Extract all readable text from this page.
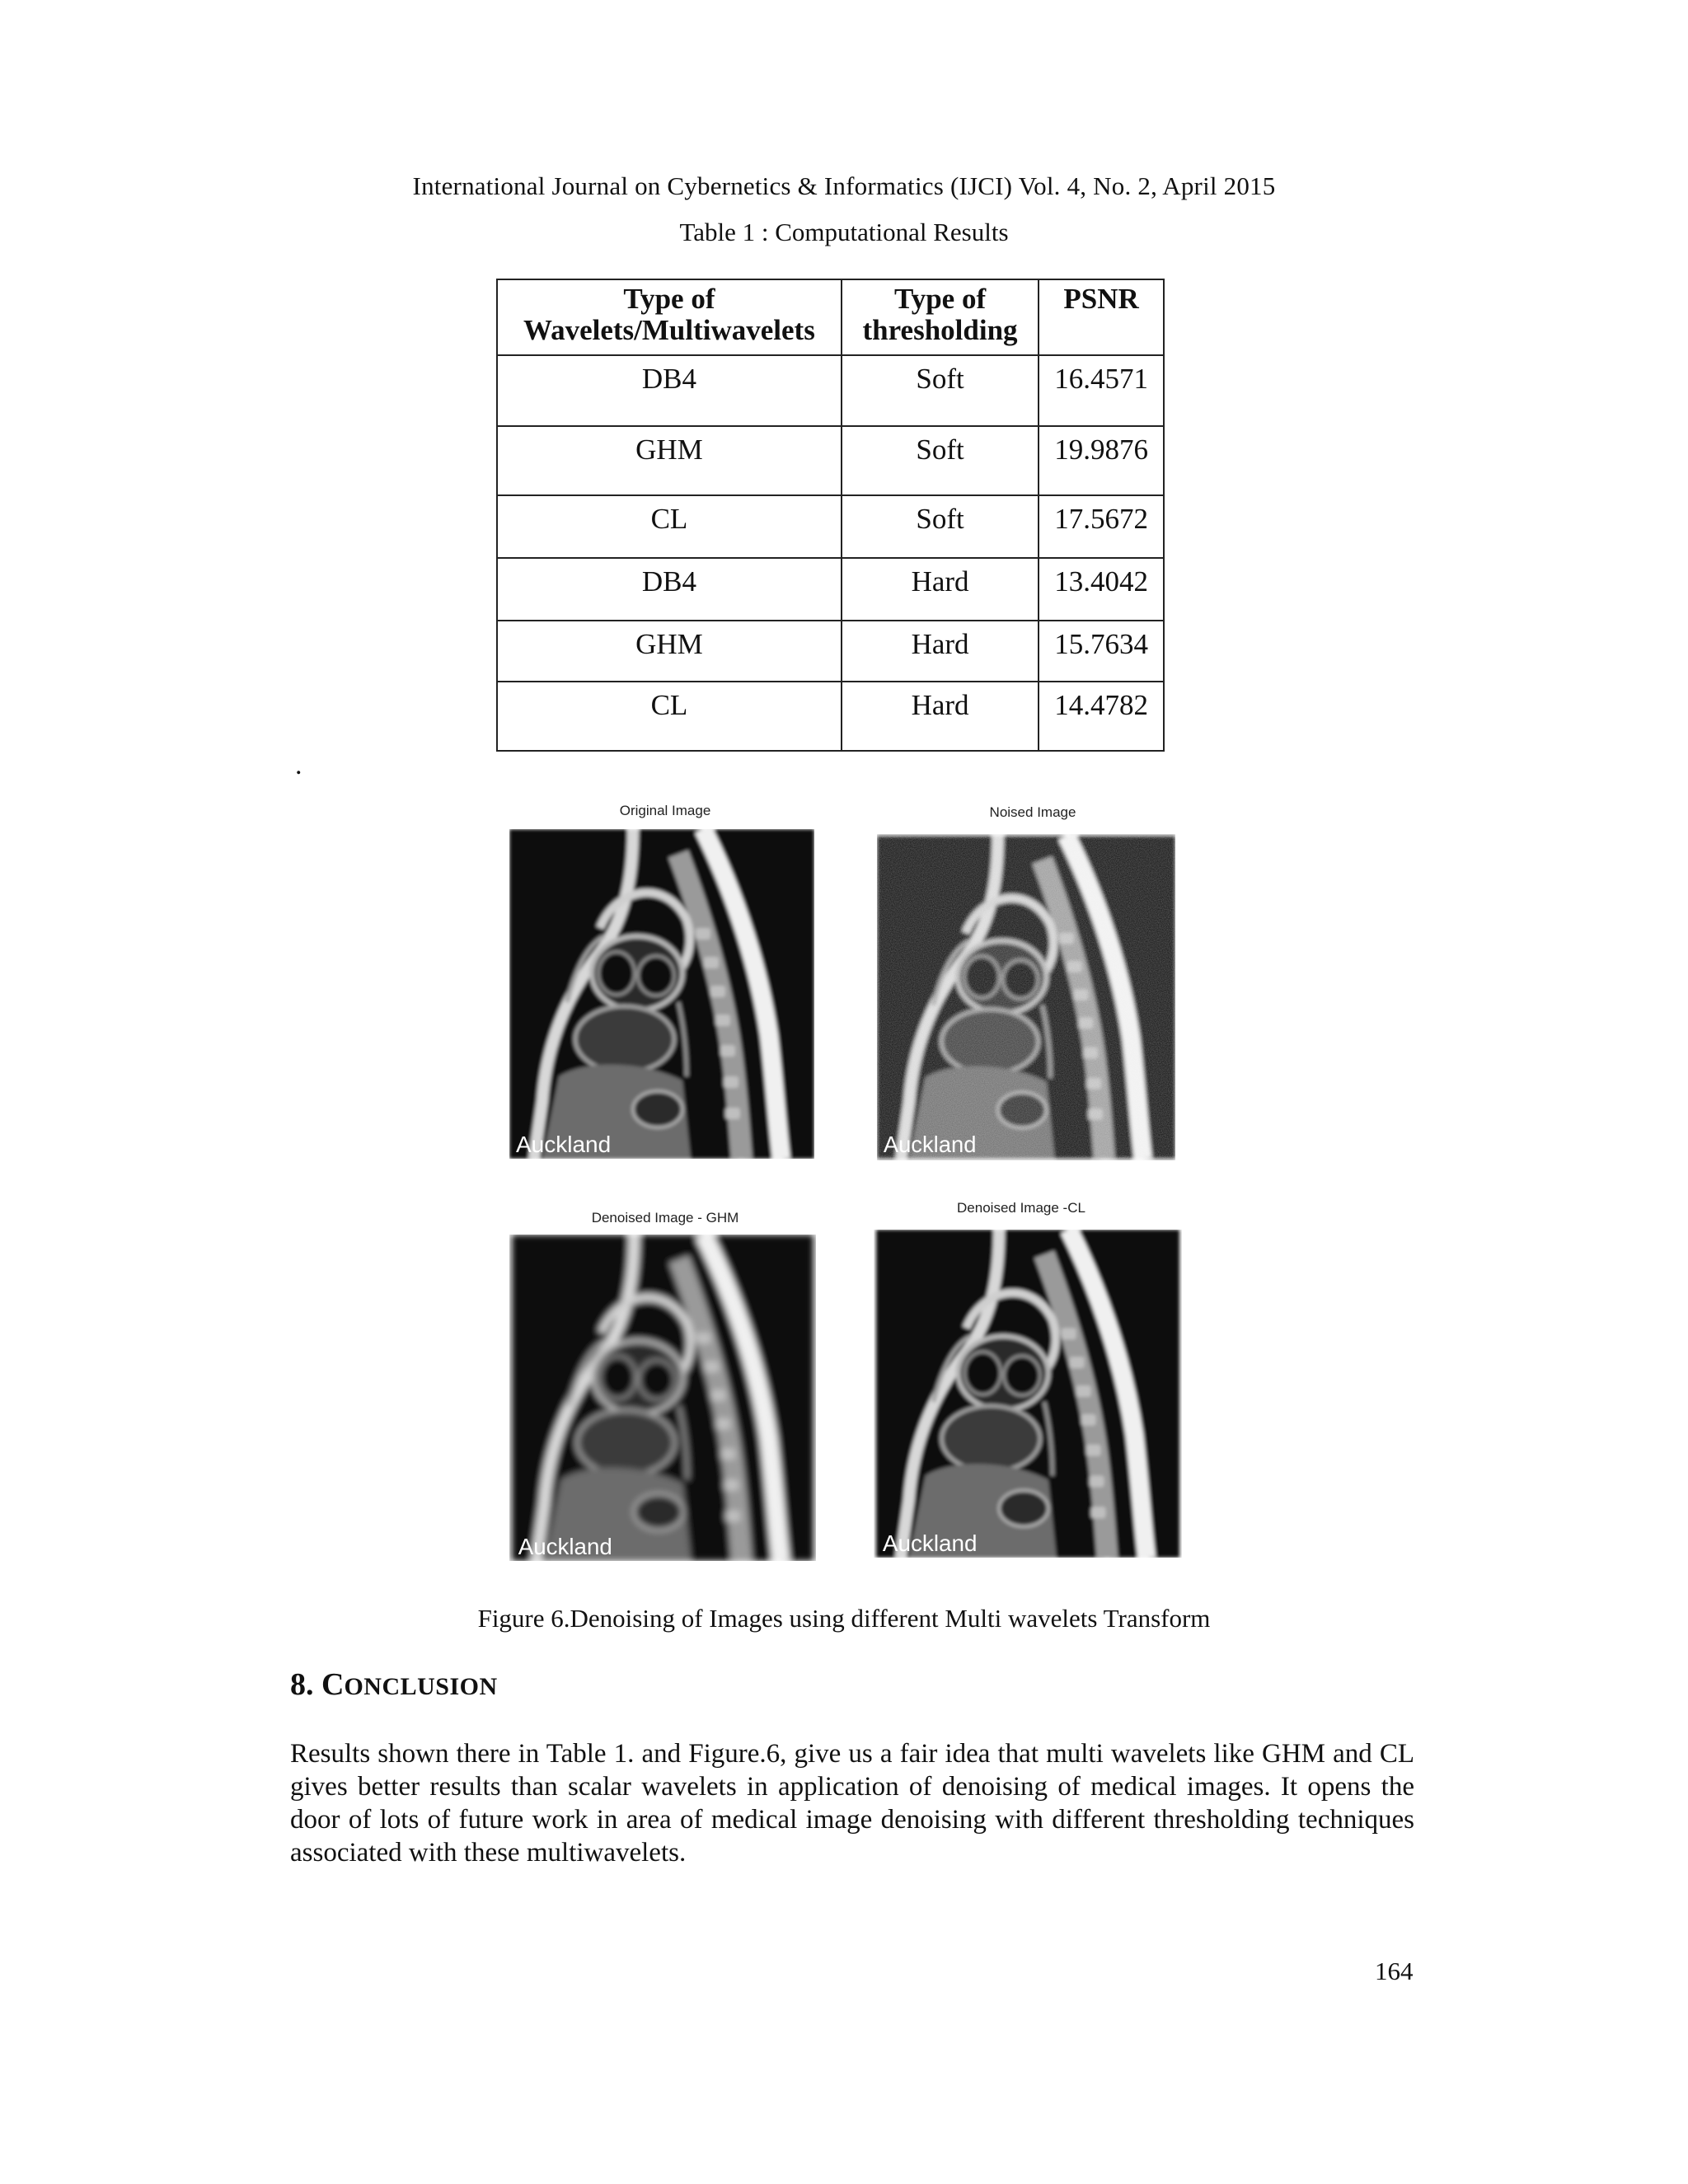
International Journal on Cybernetics & Informatics (IJCI) Vol. 4, No. 2, April 2015
Table 1 : Computational Results
Type of Wavelets/Multiwavelets	Type of thresholding	PSNR
DB4	Soft	16.4571
GHM	Soft	19.9876
CL	Soft	17.5672
DB4	Hard	13.4042
GHM	Hard	15.7634
CL	Hard	14.4782
.
Original Image
Auckland
Noised Image
Auckland
Denoised Image - GHM
Auckland
Denoised Image -CL
Auckland
Figure 6.Denoising of Images using different Multi wavelets Transform
8. CONCLUSION
Results shown there in Table 1. and Figure.6, give us a fair idea that multi wavelets like GHM and CL gives better results than scalar wavelets in application of denoising of medical images. It opens the door of lots of future work in area of medical image denoising with different thresholding techniques associated with these multiwavelets.
164
